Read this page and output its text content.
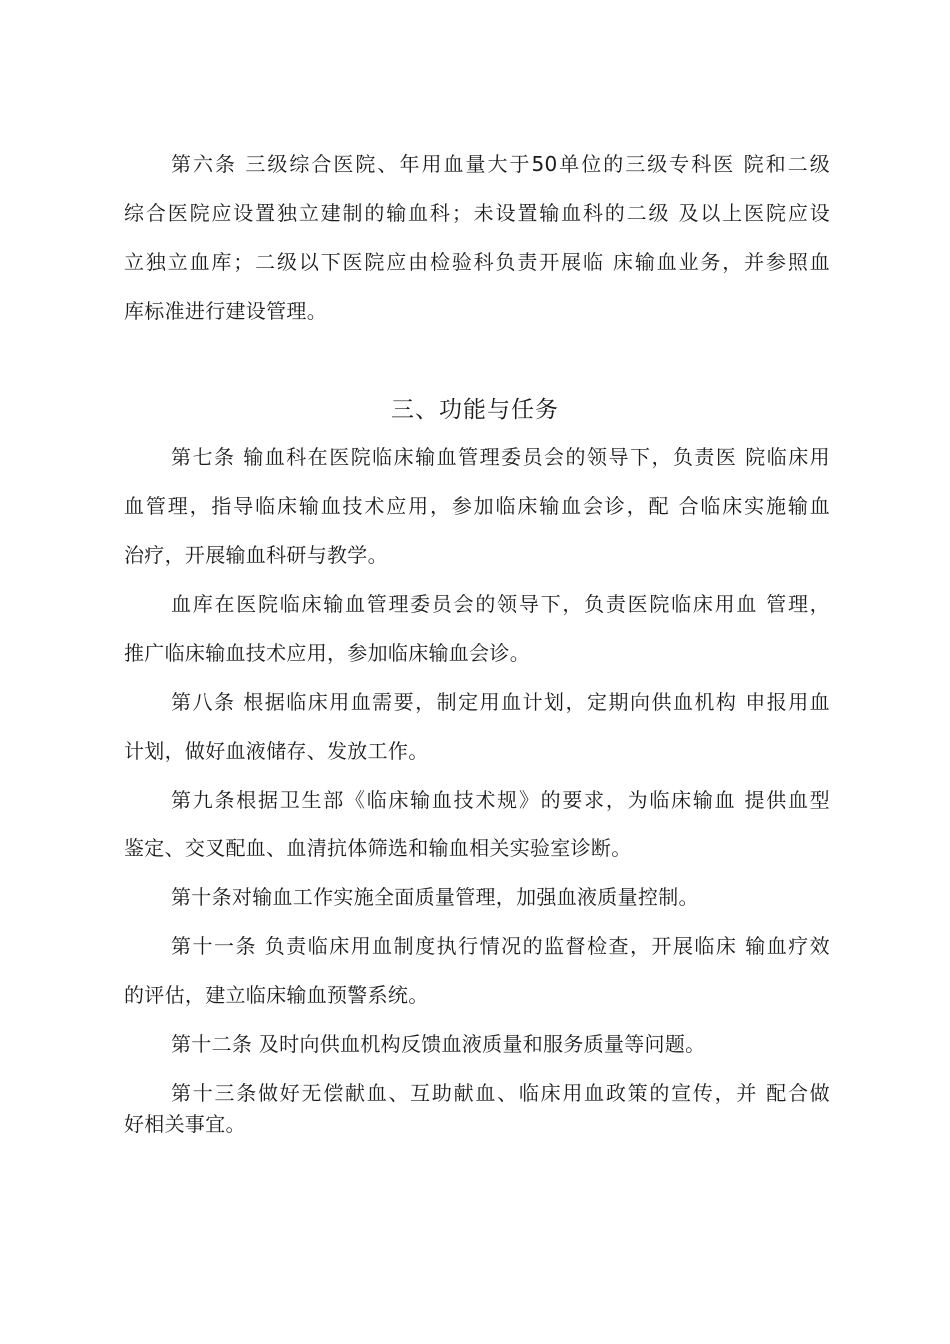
第六条 三级综合医院、年用血量大于50单位的三级专科医 院和二级
综合医院应设置独立建制的输血科；未设置输血科的二级 及以上医院应设
立独立血库；二级以下医院应由检验科负责开展临 床输血业务，并参照血
库标准进行建设管理。
三、功能与任务
第七条 输血科在医院临床输血管理委员会的领导下，负责医 院临床用
血管理，指导临床输血技术应用，参加临床输血会诊，配 合临床实施输血
治疗，开展输血科研与教学。
血库在医院临床输血管理委员会的领导下，负责医院临床用血 管理，
推广临床输血技术应用，参加临床输血会诊。
第八条 根据临床用血需要，制定用血计划，定期向供血机构 申报用血
计划，做好血液储存、发放工作。
第九条根据卫生部《临床输血技术规》的要求，为临床输血 提供血型
鉴定、交叉配血、血清抗体筛选和输血相关实验室诊断。
第十条对输血工作实施全面质量管理，加强血液质量控制。
第十一条 负责临床用血制度执行情况的监督检查，开展临床 输血疗效
的评估，建立临床输血预警系统。
第十二条 及时向供血机构反馈血液质量和服务质量等问题。
第十三条做好无偿献血、互助献血、临床用血政策的宣传，并 配合做
好相关事宜。
